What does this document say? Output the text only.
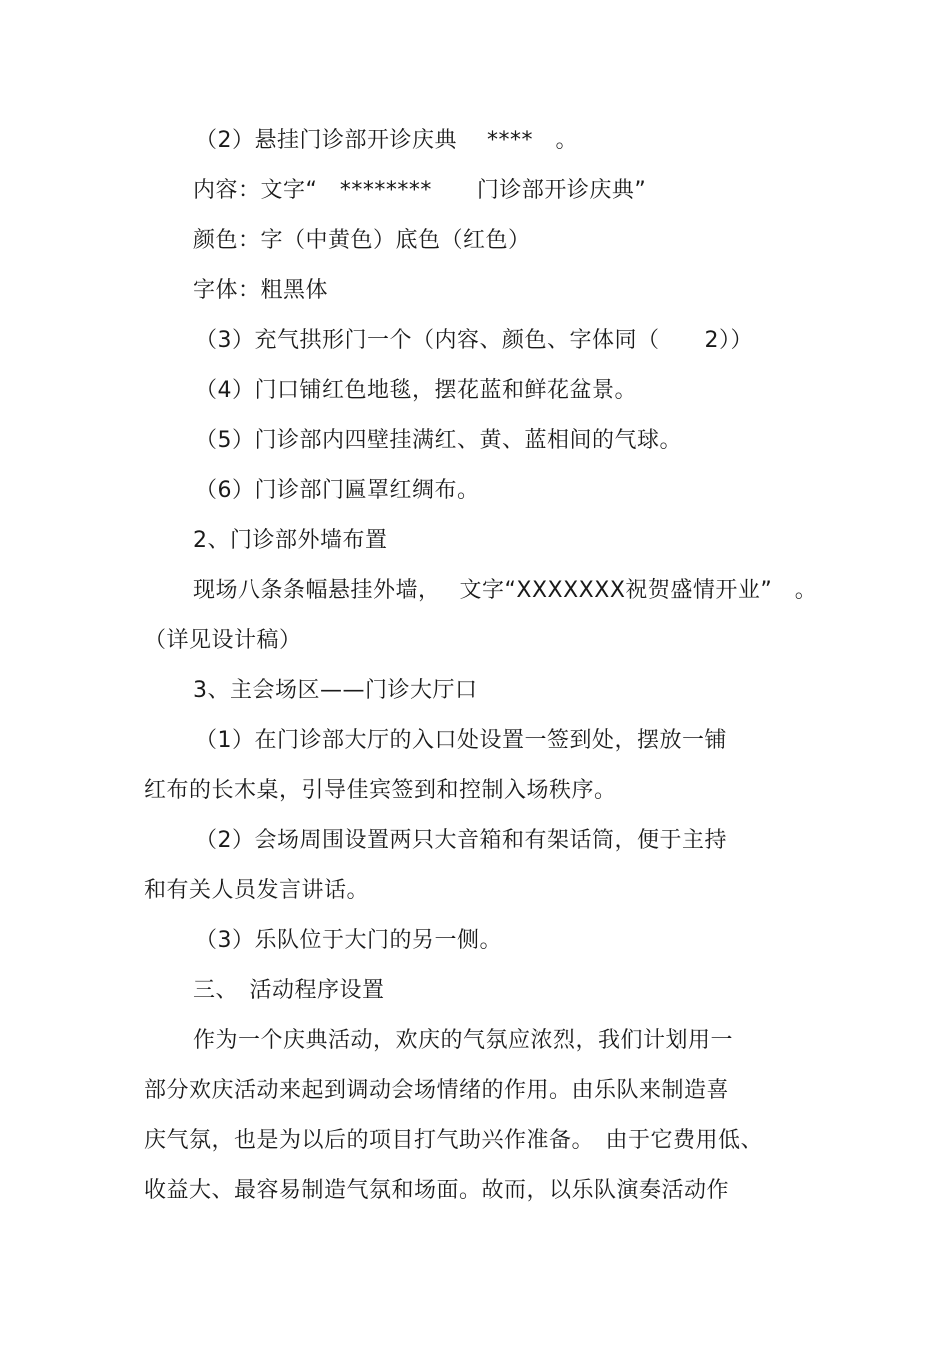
（2）悬挂门诊部开诊庆典　 ****　。
内容：文字“　********　　门诊部开诊庆典”
颜色：字（中黄色）底色（红色）
字体：粗黑体
（3）充气拱形门一个（内容、颜色、字体同（　　2））
（4）门口铺红色地毯，摆花蓝和鲜花盆景。
（5）门诊部内四壁挂满红、黄、蓝相间的气球。
（6）门诊部门匾罩红绸布。
2、门诊部外墙布置
现场八条条幅悬挂外墙，　 文字“XXXXXXX祝贺盛情开业”　。
（详见设计稿）
3、主会场区——门诊大厅口
（1）在门诊部大厅的入口处设置一签到处，摆放一铺
红布的长木桌，引导佳宾签到和控制入场秩序。
（2）会场周围设置两只大音箱和有架话筒，便于主持
和有关人员发言讲话。
（3）乐队位于大门的另一侧。
三、　活动程序设置
作为一个庆典活动，欢庆的气氛应浓烈，我们计划用一
部分欢庆活动来起到调动会场情绪的作用。由乐队来制造喜
庆气氛，也是为以后的项目打气助兴作准备。　由于它费用低、
收益大、最容易制造气氛和场面。故而，以乐队演奏活动作
